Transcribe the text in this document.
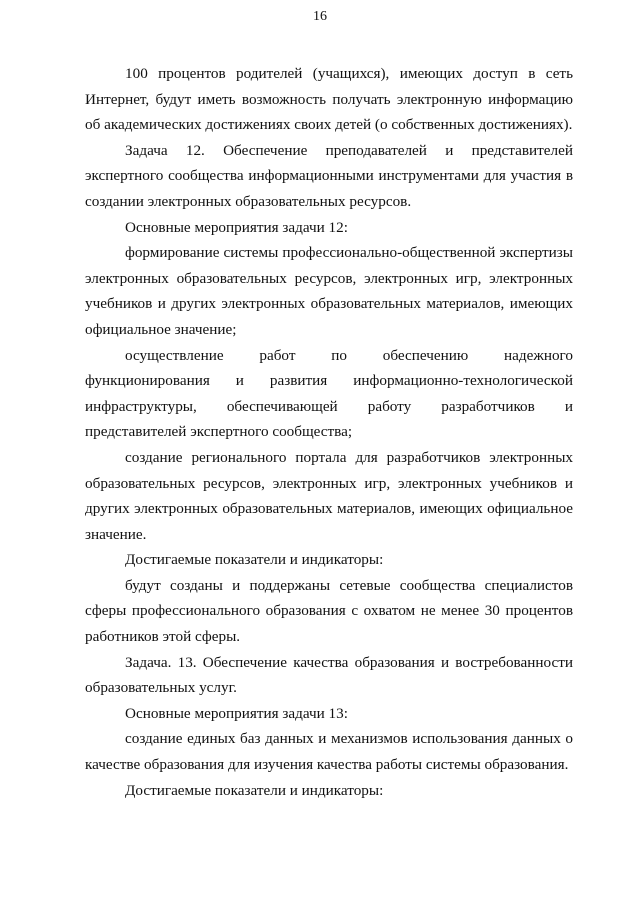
16

100 процентов родителей (учащихся), имеющих доступ в сеть Интернет, будут иметь возможность получать электронную информацию об академических достижениях своих детей (о собственных достижениях).

Задача 12. Обеспечение преподавателей и представителей экспертного сообщества информационными инструментами для участия в создании электронных образовательных ресурсов.

Основные мероприятия задачи 12:

формирование системы профессионально-общественной экспертизы электронных образовательных ресурсов, электронных игр, электронных учебников и других электронных образовательных материалов, имеющих официальное значение;

осуществление работ по обеспечению надежного функционирования и развития информационно-технологической инфраструктуры, обеспечивающей работу разработчиков и представителей экспертного сообщества;

создание регионального портала для разработчиков электронных образовательных ресурсов, электронных игр, электронных учебников и других электронных образовательных материалов, имеющих официальное значение.

Достигаемые показатели и индикаторы:

будут созданы и поддержаны сетевые сообщества специалистов сферы профессионального образования с охватом не менее 30 процентов работников этой сферы.

Задача. 13. Обеспечение качества образования и востребованности образовательных услуг.

Основные мероприятия задачи 13:

создание единых баз данных и механизмов использования данных о качестве образования для изучения качества работы системы образования.

Достигаемые показатели и индикаторы:
